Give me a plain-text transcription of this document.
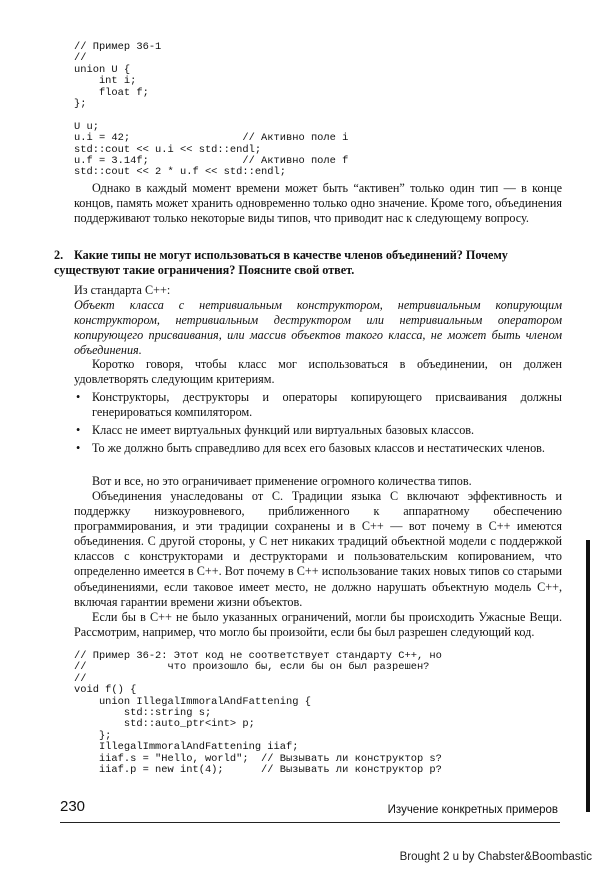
// Пример 36-1
//
union U {
int i;
float f;
};

U u;
u.i = 42;                  // Активно поле i
std::cout << u.i << std::endl;
u.f = 3.14f;               // Активно поле f
std::cout << 2 * u.f << std::endl;

Однако в каждый момент времени может быть “активен” только один тип — в конце концов, память может хранить одновременно только одно значение. Кроме того, объединения поддерживают только некоторые виды типов, что приводит нас к следующему вопросу.

2. Какие типы не могут использоваться в качестве членов объединений? Почему существуют такие ограничения? Поясните свой ответ.

Из стандарта С++:

Объект класса с нетривиальным конструктором, нетривиальным копирующим конструктором, нетривиальным деструктором или нетривиальным оператором копирующего присваивания, или массив объектов такого класса, не может быть членом объединения.

Коротко говоря, чтобы класс мог использоваться в объединении, он должен удовлетворять следующим критериям.

• Конструкторы, деструкторы и операторы копирующего присваивания должны генерироваться компилятором.
• Класс не имеет виртуальных функций или виртуальных базовых классов.
• То же должно быть справедливо для всех его базовых классов и нестатических членов.

Вот и все, но это ограничивает применение огромного количества типов.

Объединения унаследованы от С. Традиции языка С включают эффективность и поддержку низкоуровневого, приближенного к аппаратному обеспечению программирования, и эти традиции сохранены и в С++ — вот почему в С++ имеются объединения. С другой стороны, у С нет никаких традиций объектной модели с поддержкой классов с конструкторами и деструкторами и пользовательским копированием, что определенно имеется в С++. Вот почему в С++ использование таких новых типов со старыми объединениями, если таковое имеет место, не должно нарушать объектную модель С++, включая гарантии времени жизни объектов.

Если бы в С++ не было указанных ограничений, могли бы происходить Ужасные Вещи. Рассмотрим, например, что могло бы произойти, если бы был разрешен следующий код.

// Пример 36-2: Этот код не соответствует стандарту С++, но
//             что произошло бы, если бы он был разрешен?
//
void f() {
union IllegalImmoralAndFattening {
std::string s;
std::auto_ptr<int> p;
};
IllegalImmoralAndFattening iiaf;
iiaf.s = "Hello, world";  // Вызывать ли конструктор s?
iiaf.p = new int(4);      // Вызывать ли конструктор p?
230	Изучение конкретных примеров
Brought 2 u by Chabster&Boombastic
